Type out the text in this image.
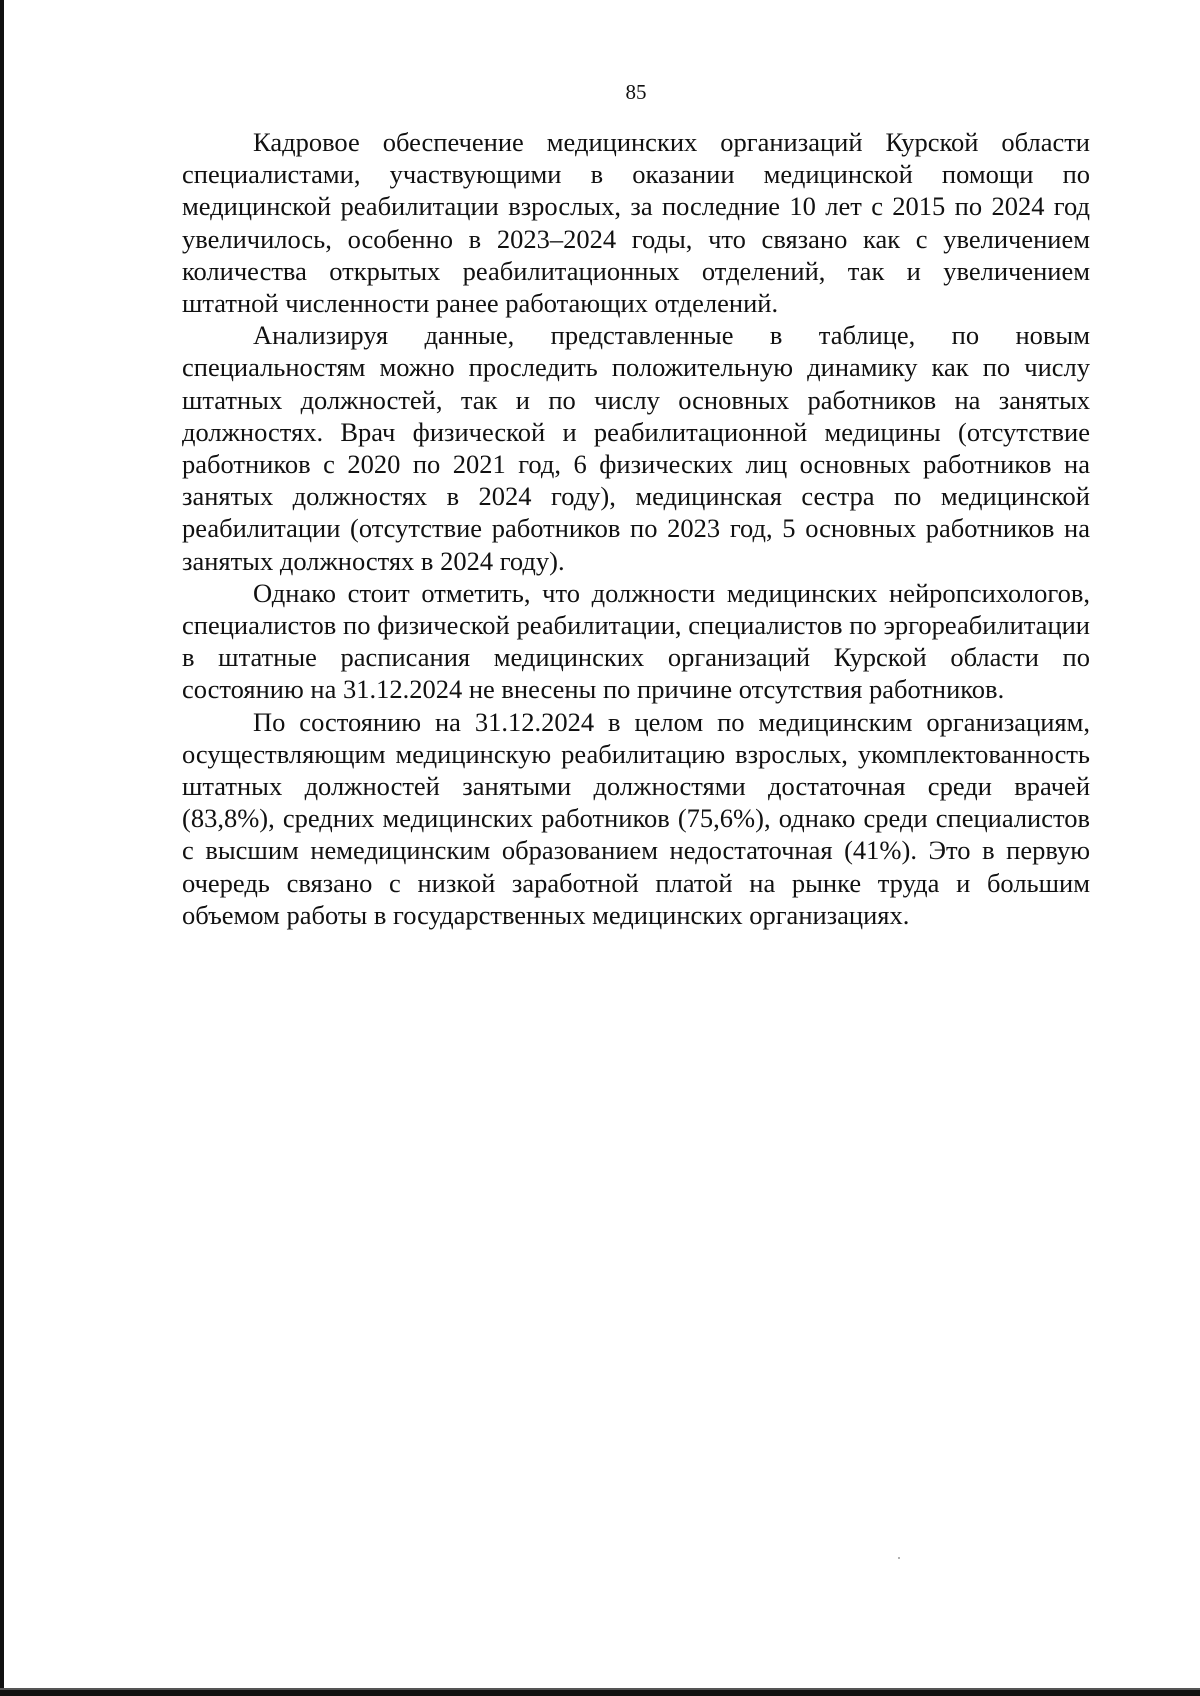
85

Кадровое обеспечение медицинских организаций Курской области специалистами, участвующими в оказании медицинской помощи по медицинской реабилитации взрослых, за последние 10 лет с 2015 по 2024 год увеличилось, особенно в 2023–2024 годы, что связано как с увеличением количества открытых реабилитационных отделений, так и увеличением штатной численности ранее работающих отделений.

Анализируя данные, представленные в таблице, по новым специальностям можно проследить положительную динамику как по числу штатных должностей, так и по числу основных работников на занятых должностях. Врач физической и реабилитационной медицины (отсутствие работников с 2020 по 2021 год, 6 физических лиц основных работников на занятых должностях в 2024 году), медицинская сестра по медицинской реабилитации (отсутствие работников по 2023 год, 5 основных работников на занятых должностях в 2024 году).

Однако стоит отметить, что должности медицинских нейропсихологов, специалистов по физической реабилитации, специалистов по эргореабилитации в штатные расписания медицинских организаций Курской области по состоянию на 31.12.2024 не внесены по причине отсутствия работников.

По состоянию на 31.12.2024 в целом по медицинским организациям, осуществляющим медицинскую реабилитацию взрослых, укомплектованность штатных должностей занятыми должностями достаточная среди врачей (83,8%), средних медицинских работников (75,6%), однако среди специалистов с высшим немедицинским образованием недостаточная (41%). Это в первую очередь связано с низкой заработной платой на рынке труда и большим объемом работы в государственных медицинских организациях.
